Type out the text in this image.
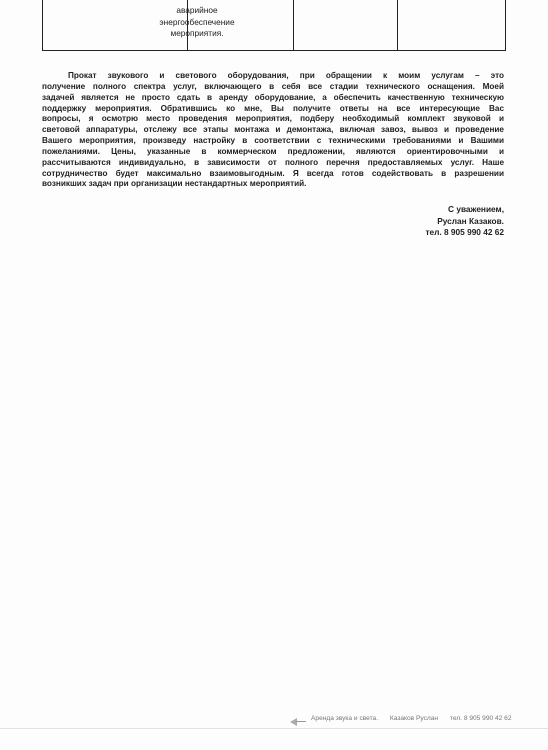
аварийное
энергообеспечение
мероприятия.
Прокат звукового и светового оборудования, при обращении к моим услугам – это
получение полного спектра услуг, включающего в себя все стадии технического оснащения. Моей
задачей является не просто сдать в аренду оборудование, а обеспечить качественную техническую
поддержку мероприятия. Обратившись ко мне, Вы получите ответы на все интересующие Вас
вопросы, я осмотрю место проведения мероприятия, подберу необходимый комплект звуковой и
световой аппаратуры, отслежу все этапы монтажа и демонтажа, включая завоз, вывоз и проведение
Вашего мероприятия, произведу настройку в соответствии с техническими требованиями и Вашими
пожеланиями. Цены, указанные в коммерческом предложении, являются ориентировочными и
рассчитываются индивидуально, в зависимости от полного перечня предоставляемых услуг. Наше
сотрудничество будет максимально взаимовыгодным. Я всегда готов содействовать в разрешении
возникших задач при организации нестандартных мероприятий.
С уважением,
Руслан Казаков.
тел. 8 905 990 42 62
Аренда звука и света. Казаков Руслан тел. 8 905 990 42 62
